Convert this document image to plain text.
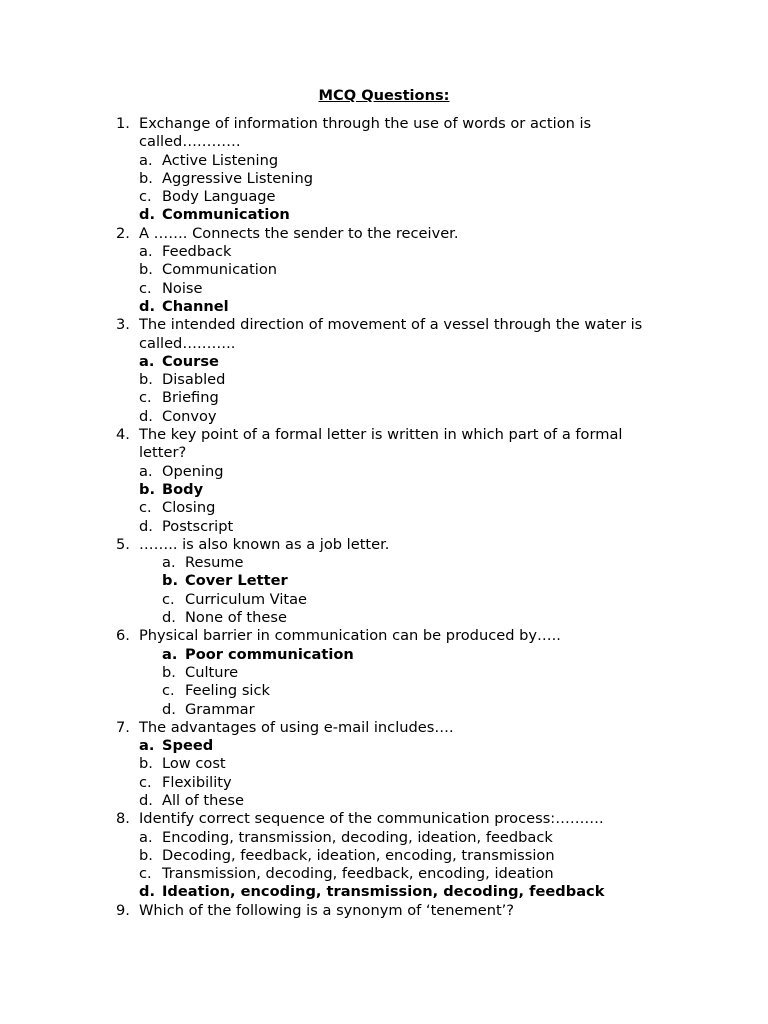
MCQ Questions:
1. Exchange of information through the use of words or action is
called…………
a. Active Listening
b. Aggressive Listening
c. Body Language
d. Communication
2. A ……. Connects the sender to the receiver.
a. Feedback
b. Communication
c. Noise
d. Channel
3. The intended direction of movement of a vessel through the water is
called………..
a. Course
b. Disabled
c. Briefing
d. Convoy
4. The key point of a formal letter is written in which part of a formal
letter?
a. Opening
b. Body
c. Closing
d. Postscript
5. …….. is also known as a job letter.
a. Resume
b. Cover Letter
c. Curriculum Vitae
d. None of these
6. Physical barrier in communication can be produced by…..
a. Poor communication
b. Culture
c. Feeling sick
d. Grammar
7. The advantages of using e-mail includes….
a. Speed
b. Low cost
c. Flexibility
d. All of these
8. Identify correct sequence of the communication process:……….
a. Encoding, transmission, decoding, ideation, feedback
b. Decoding, feedback, ideation, encoding, transmission
c. Transmission, decoding, feedback, encoding, ideation
d. Ideation, encoding, transmission, decoding, feedback
9. Which of the following is a synonym of ‘tenement’?
